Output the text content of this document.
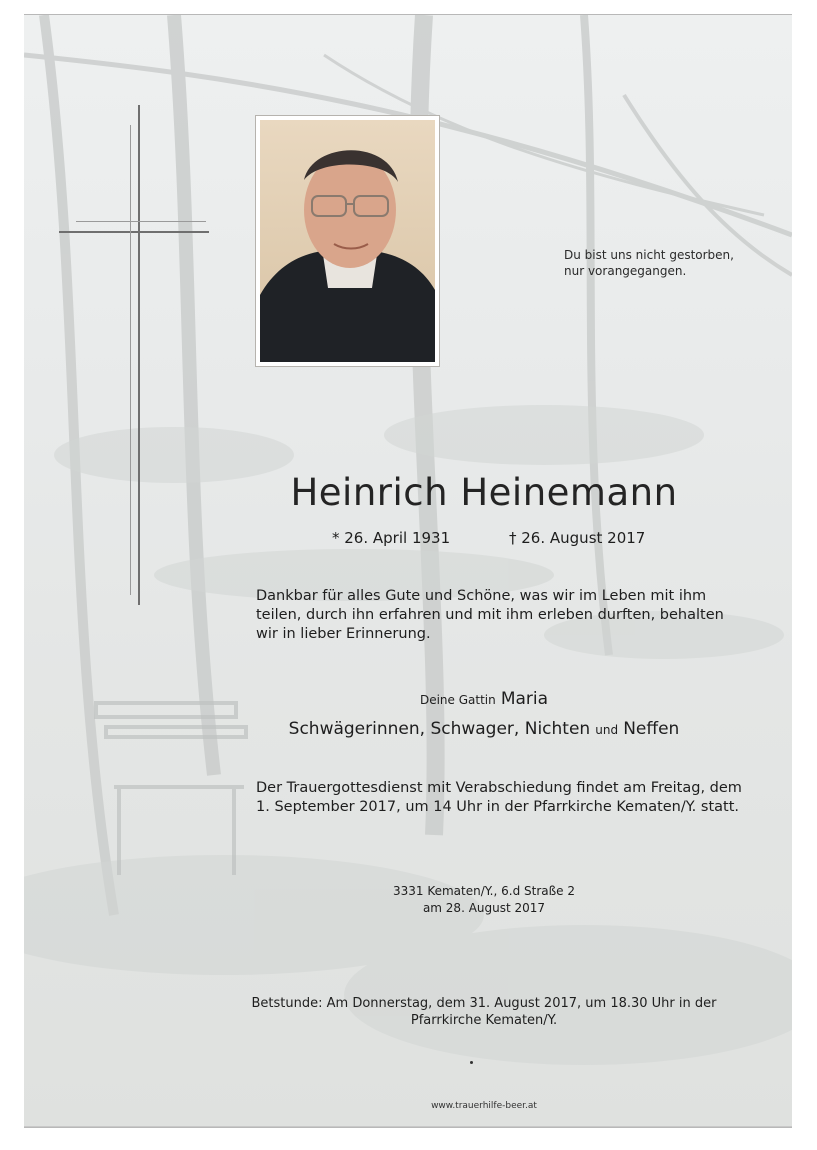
Du bist uns nicht gestorben,
nur vorangegangen.
Heinrich Heinemann
* 26. April 1931	† 26. August 2017
Dankbar für alles Gute und Schöne, was wir im Leben mit ihm teilen, durch ihn erfahren und mit ihm erleben durften, behalten wir in lieber Erinnerung.
Deine Gattin Maria
Schwägerinnen, Schwager, Nichten und Neffen
Der Trauergottesdienst mit Verabschiedung findet am Freitag, dem 1. September 2017, um 14 Uhr in der Pfarrkirche Kematen/Y. statt.
3331 Kematen/Y., 6.d Straße 2
am 28. August 2017
Betstunde: Am Donnerstag, dem 31. August 2017, um 18.30 Uhr in der
Pfarrkirche Kematen/Y.
www.trauerhilfe-beer.at
